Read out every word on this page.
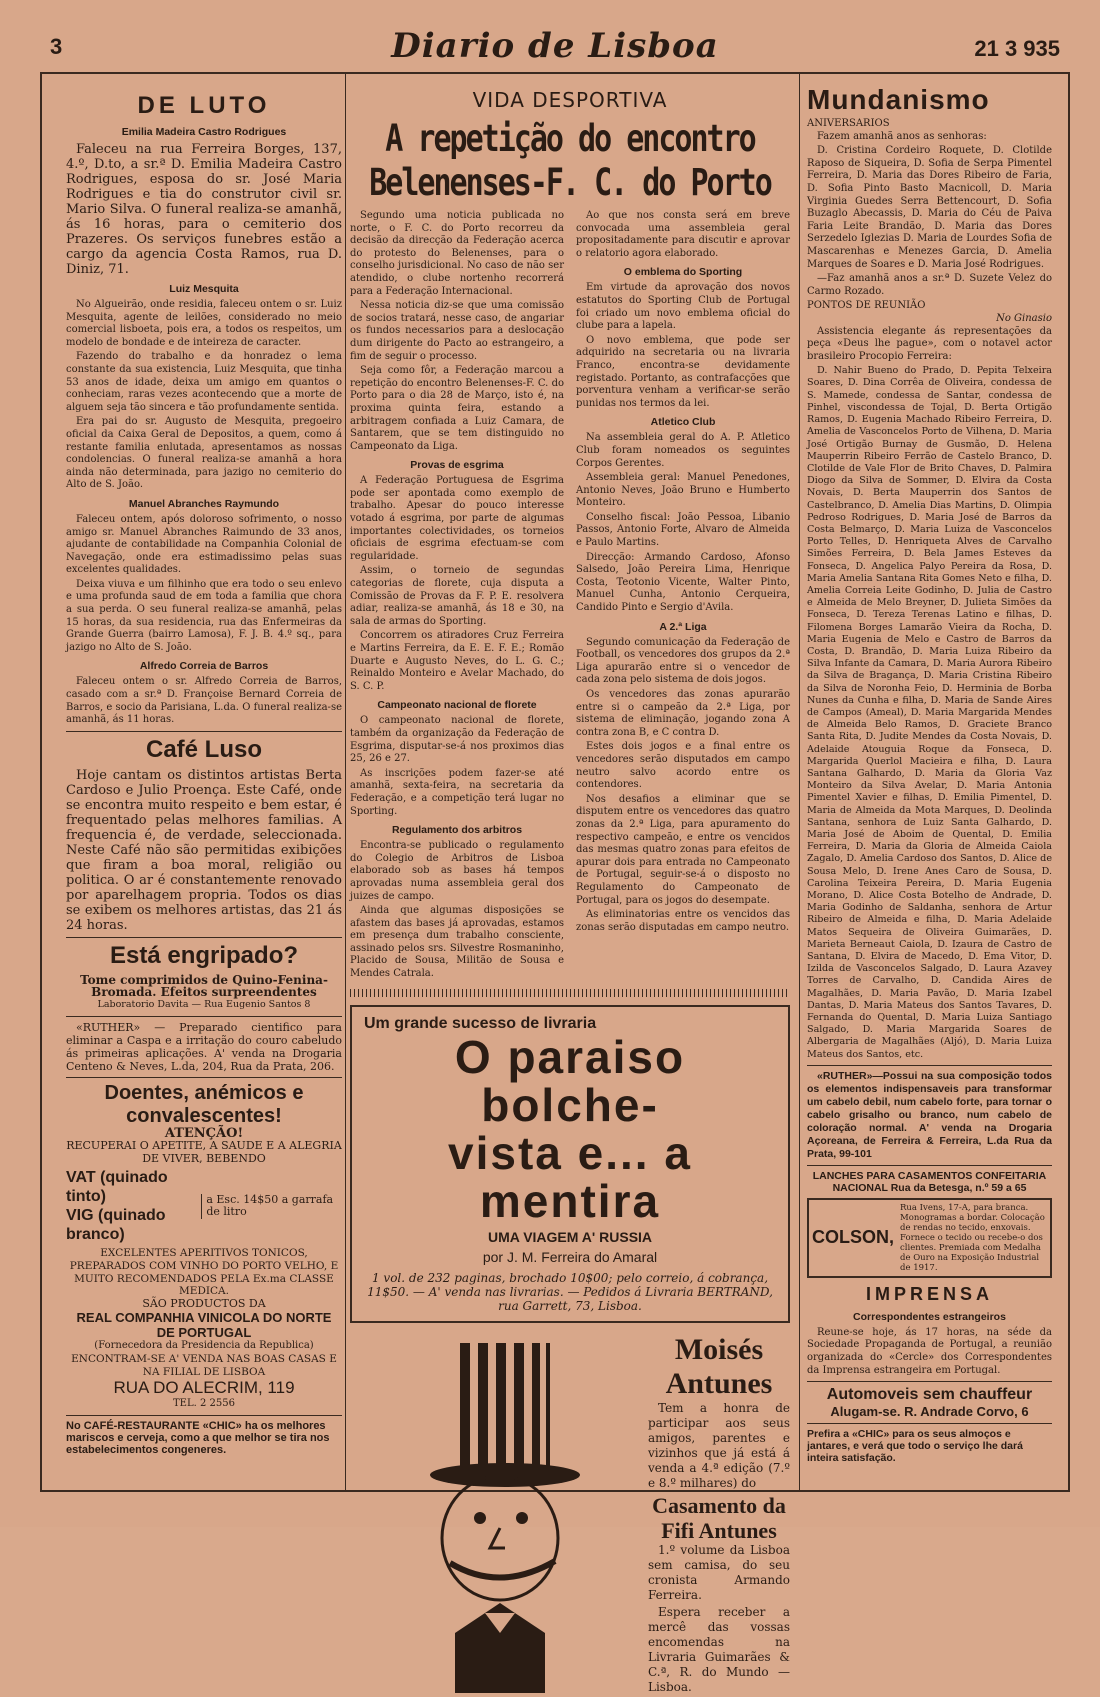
3	Diario de Lisboa	21 3 935
DE LUTO
Emilia Madeira Castro Rodrigues

Faleceu na rua Ferreira Borges, 137, 4.º, D.to, a sr.ª D. Emilia Madeira Castro Rodrigues, esposa do sr. José Maria Rodrigues e tia do construtor civil sr. Mario Silva. O funeral realiza-se amanhã, ás 16 horas, para o cemiterio dos Prazeres. Os serviços funebres estão a cargo da agencia Costa Ramos, rua D. Diniz, 71.

Luiz Mesquita

No Algueirão, onde residia, faleceu ontem o sr. Luiz Mesquita, agente de leilões, considerado no meio comercial lisboeta, pois era, a todos os respeitos, um modelo de bondade e de inteireza de caracter.

Fazendo do trabalho e da honradez o lema constante da sua existencia, Luiz Mesquita, que tinha 53 anos de idade, deixa um amigo em quantos o conheciam, raras vezes acontecendo que a morte de alguem seja tão sincera e tão profundamente sentida.

Era pai do sr. Augusto de Mesquita, pregoeiro oficial da Caixa Geral de Depositos, a quem, como á restante familia enlutada, apresentamos as nossas condolencias. O funeral realiza-se amanhã a hora ainda não determinada, para jazigo no cemiterio do Alto de S. João.

Manuel Abranches Raymundo

Faleceu ontem, após doloroso sofrimento, o nosso amigo sr. Manuel Abranches Raimundo de 33 anos, ajudante de contabilidade na Companhia Colonial de Navegação, onde era estimadissimo pelas suas excelentes qualidades.

Deixa viuva e um filhinho que era todo o seu enlevo e uma profunda saud de em toda a familia que chora a sua perda. O seu funeral realiza-se amanhã, pelas 15 horas, da sua residencia, rua das Enfermeiras da Grande Guerra (bairro Lamosa), F. J. B. 4.º sq., para jazigo no Alto de S. João.

Alfredo Correia de Barros

Faleceu ontem o sr. Alfredo Correia de Barros, casado com a sr.ª D. Françoise Bernard Correia de Barros, e socio da Parisiana, L.da. O funeral realiza-se amanhã, ás 11 horas.

Café Luso

Hoje cantam os distintos artistas Berta Cardoso e Julio Proença. Este Café, onde se encontra muito respeito e bem estar, é frequentado pelas melhores familias. A frequencia é, de verdade, seleccionada. Neste Café não são permitidas exibições que firam a boa moral, religião ou politica. O ar é constantemente renovado por aparelhagem propria. Todos os dias se exibem os melhores artistas, das 21 ás 24 horas.

Está engripado?
Tome comprimidos de Quino-Fenina-Bromada. Efeitos surpreendentes
Laboratorio Davita — Rua Eugenio Santos 8

«RUTHER» — Preparado cientifico para eliminar a Caspa e a irritação do couro cabeludo ás primeiras aplicações. A' venda na Drogaria Centeno & Neves, L.da, 204, Rua da Prata, 206.

Doentes, anémicos e convalescentes!
ATENÇÃO!
RECUPERAI O APETITE, A SAUDE E A ALEGRIA DE VIVER, BEBENDO
VAT (quinado tinto)
VIG (quinado branco)
a Esc. 14$50 a garrafa de litro
EXCELENTES APERITIVOS TONICOS, PREPARADOS COM VINHO DO PORTO VELHO, E MUITO RECOMENDADOS PELA Ex.ma CLASSE MEDICA.
SÃO PRODUCTOS DA
REAL COMPANHIA VINICOLA DO NORTE DE PORTUGAL
(Fornecedora da Presidencia da Republica)
ENCONTRAM-SE A' VENDA NAS BOAS CASAS E NA FILIAL DE LISBOA
RUA DO ALECRIM, 119
TEL. 2 2556
No CAFÉ-RESTAURANTE «CHIC» ha os melhores mariscos e cerveja, como a que melhor se tira nos estabelecimentos congeneres.
VIDA DESPORTIVA
A repetição do encontro Belenenses-F. C. do Porto

Segundo uma noticia publicada no norte, o F. C. do Porto recorreu da decisão da direcção da Federação acerca do protesto do Belenenses, para o conselho jurisdicional. No caso de não ser atendido, o clube nortenho recorrerá para a Federação Internacional.

Nessa noticia diz-se que uma comissão de socios tratará, nesse caso, de angariar os fundos necessarios para a deslocação dum dirigente do Pacto ao estrangeiro, a fim de seguir o processo.

Seja como fôr, a Federação marcou a repetição do encontro Belenenses-F. C. do Porto para o dia 28 de Março, isto é, na proxima quinta feira, estando a arbitragem confiada a Luiz Camara, de Santarem, que se tem distinguido no Campeonato da Liga.

Provas de esgrima

A Federação Portuguesa de Esgrima pode ser apontada como exemplo de trabalho. Apesar do pouco interesse votado á esgrima, por parte de algumas importantes colectividades, os torneios oficiais de esgrima efectuam-se com regularidade.

Assim, o torneio de segundas categorias de florete, cuja disputa a Comissão de Provas da F. P. E. resolvera adiar, realiza-se amanhã, ás 18 e 30, na sala de armas do Sporting.

Concorrem os atiradores Cruz Ferreira e Martins Ferreira, da E. E. F. E.; Romão Duarte e Augusto Neves, do L. G. C.; Reinaldo Monteiro e Avelar Machado, do S. C. P.

Campeonato nacional de florete

O campeonato nacional de florete, também da organização da Federação de Esgrima, disputar-se-á nos proximos dias 25, 26 e 27.

As inscrições podem fazer-se até amanhã, sexta-feira, na secretaria da Federação, e a competição terá lugar no Sporting.

Regulamento dos arbitros

Encontra-se publicado o regulamento do Colegio de Arbitros de Lisboa elaborado sob as bases há tempos aprovadas numa assembleia geral dos juizes de campo.

Ainda que algumas disposições se afastem das bases já aprovadas, estamos em presença dum trabalho consciente, assinado pelos srs. Silvestre Rosmaninho, Placido de Sousa, Militão de Sousa e Mendes Catrala.

Ao que nos consta será em breve convocada uma assembleia geral propositadamente para discutir e aprovar o relatorio agora elaborado.

O emblema do Sporting

Em virtude da aprovação dos novos estatutos do Sporting Club de Portugal foi criado um novo emblema oficial do clube para a lapela.

O novo emblema, que pode ser adquirido na secretaria ou na livraria Franco, encontra-se devidamente registado. Portanto, as contrafacções que porventura venham a verificar-se serão punidas nos termos da lei.

Atletico Club

Na assembleia geral do A. P. Atletico Club foram nomeados os seguintes Corpos Gerentes.

Assembleia geral: Manuel Penedones, Antonio Neves, João Bruno e Humberto Monteiro.

Conselho fiscal: João Pessoa, Libanio Passos, Antonio Forte, Alvaro de Almeida e Paulo Martins.

Direcção: Armando Cardoso, Afonso Salsedo, João Pereira Lima, Henrique Costa, Teotonio Vicente, Walter Pinto, Manuel Cunha, Antonio Cerqueira, Candido Pinto e Sergio d'Avila.

A 2.ª Liga

Segundo comunicação da Federação de Football, os vencedores dos grupos da 2.ª Liga apurarão entre si o vencedor de cada zona pelo sistema de dois jogos.

Os vencedores das zonas apurarão entre si o campeão da 2.ª Liga, por sistema de eliminação, jogando zona A contra zona B, e C contra D.

Estes dois jogos e a final entre os vencedores serão disputados em campo neutro salvo acordo entre os contendores.

Nos desafios a eliminar que se disputem entre os vencedores das quatro zonas da 2.ª Liga, para apuramento do respectivo campeão, e entre os vencidos das mesmas quatro zonas para efeitos de apurar dois para entrada no Campeonato de Portugal, seguir-se-á o disposto no Regulamento do Campeonato de Portugal, para os jogos do desempate.

As eliminatorias entre os vencidos das zonas serão disputadas em campo neutro.

Um grande sucesso de livraria
O paraiso bolche-
vista e... a mentira
UMA VIAGEM A' RUSSIA
por J. M. Ferreira do Amaral
1 vol. de 232 paginas, brochado 10$00; pelo correio, á cobrança, 11$50. — A' venda nas livrarias. — Pedidos á Livraria BERTRAND, rua Garrett, 73, Lisboa.
Moisés Antunes

Tem a honra de participar aos seus amigos, parentes e vizinhos que já está á venda a 4.ª edição (7.º e 8.º milhares) do

Casamento da Fifi Antunes

1.º volume da Lisboa sem camisa, do seu cronista Armando Ferreira.

Espera receber a mercê das vossas encomendas na Livraria Guimarães & C.ª, R. do Mundo — Lisboa.

Mundanismo
ANIVERSARIOS

Fazem amanhã anos as senhoras:

D. Cristina Cordeiro Roquete, D. Clotilde Raposo de Siqueira, D. Sofia de Serpa Pimentel Ferreira, D. Maria das Dores Ribeiro de Faria, D. Sofia Pinto Basto Macnicoll, D. Maria Virginia Guedes Serra Bettencourt, D. Sofia Buzaglo Abecassis, D. Maria do Céu de Paiva Faria Leite Brandão, D. Maria das Dores Serzedelo Iglezias D. Maria de Lourdes Sofia de Mascarenhas e Menezes Garcia, D. Amelia Marques de Soares e D. Maria José Rodrigues.

—Faz amanhã anos a sr.ª D. Suzete Velez do Carmo Rozado.

PONTOS DE REUNIÃO
No Ginasio

Assistencia elegante ás representações da peça «Deus lhe pague», com o notavel actor brasileiro Procopio Ferreira:

D. Nahir Bueno do Prado, D. Pepita Telxeira Soares, D. Dina Corrêa de Oliveira, condessa de S. Mamede, condessa de Santar, condessa de Pinhel, viscondessa de Tojal, D. Berta Ortigão Ramos, D. Eugenia Machado Ribeiro Ferreira, D. Amelia de Vasconcelos Porto de Vilhena, D. Maria José Ortigão Burnay de Gusmão, D. Helena Mauperrin Ribeiro Ferrão de Castelo Branco, D. Clotilde de Vale Flor de Brito Chaves, D. Palmira Diogo da Silva de Sommer, D. Elvira da Costa Novais, D. Berta Mauperrin dos Santos de Castelbranco, D. Amelia Dias Martins, D. Olimpia Pedroso Rodrigues, D. Maria José de Barros da Costa Belmarço, D. Maria Luiza de Vasconcelos Porto Telles, D. Henriqueta Alves de Carvalho Simões Ferreira, D. Bela James Esteves da Fonseca, D. Angelica Palyo Pereira da Rosa, D. Maria Amelia Santana Rita Gomes Neto e filha, D. Amelia Correia Leite Godinho, D. Julia de Castro e Almeida de Melo Breyner, D. Julieta Simões da Fonseca, D. Tereza Terenas Latino e filhas, D. Filomena Borges Lamarão Vieira da Rocha, D. Maria Eugenia de Melo e Castro de Barros da Costa, D. Brandão, D. Maria Luiza Ribeiro da Silva Infante da Camara, D. Maria Aurora Ribeiro da Silva de Bragança, D. Maria Cristina Ribeiro da Silva de Noronha Feio, D. Herminia de Borba Nunes da Cunha e filha, D. Maria de Sande Aires de Campos (Ameal), D. Maria Margarida Mendes de Almeida Belo Ramos, D. Graciete Branco Santa Rita, D. Judite Mendes da Costa Novais, D. Adelaide Atouguia Roque da Fonseca, D. Margarida Querlol Macieira e filha, D. Laura Santana Galhardo, D. Maria da Gloria Vaz Monteiro da Silva Avelar, D. Maria Antonia Pimentel Xavier e filhas, D. Emilia Pimentel, D. Maria de Almeida da Mota Marques, D. Deolinda Santana, senhora de Luiz Santa Galhardo, D. Maria José de Aboim de Quental, D. Emilia Ferreira, D. Maria da Gloria de Almeida Caiola Zagalo, D. Amelia Cardoso dos Santos, D. Alice de Sousa Melo, D. Irene Anes Caro de Sousa, D. Carolina Teixeira Pereira, D. Maria Eugenia Morano, D. Alice Costa Botelho de Andrade, D. Maria Godinho de Saldanha, senhora de Artur Ribeiro de Almeida e filha, D. Maria Adelaide Matos Sequeira de Oliveira Guimarães, D. Marieta Berneaut Caiola, D. Izaura de Castro de Santana, D. Elvira de Macedo, D. Ema Vitor, D. Izilda de Vasconcelos Salgado, D. Laura Azavey Torres de Carvalho, D. Candida Aires de Magalhães, D. Maria Pavão, D. Maria Izabel Dantas, D. Maria Mateus dos Santos Tavares, D. Fernanda do Quental, D. Maria Luiza Santiago Salgado, D. Maria Margarida Soares de Albergaria de Magalhães (Aljó), D. Maria Luiza Mateus dos Santos, etc.

«RUTHER»—Possui na sua composição todos os elementos indispensaveis para transformar um cabelo debil, num cabelo forte, para tornar o cabelo grisalho ou branco, num cabelo de coloração normal. A' venda na Drogaria Açoreana, de Ferreira & Ferreira, L.da Rua da Prata, 99-101

LANCHES PARA CASAMENTOS CONFEITARIA NACIONAL Rua da Betesga, n.º 59 a 65
COLSON,
Rua Ivens, 17-A, para branca. Monogramas a bordar. Colocação de rendas no tecido, enxovais. Fornece o tecido ou recebe-o dos clientes. Premiada com Medalha de Ouro na Exposição Industrial de 1917.
IMPRENSA
Correspondentes estrangeiros

Reune-se hoje, ás 17 horas, na séde da Sociedade Propaganda de Portugal, a reunião organizada do «Cercle» dos Correspondentes da Imprensa estrangeira em Portugal.

Automoveis sem chauffeur
Alugam-se. R. Andrade Corvo, 6
Prefira a «CHIC» para os seus almoços e jantares, e verá que todo o serviço lhe dará inteira satisfação.
